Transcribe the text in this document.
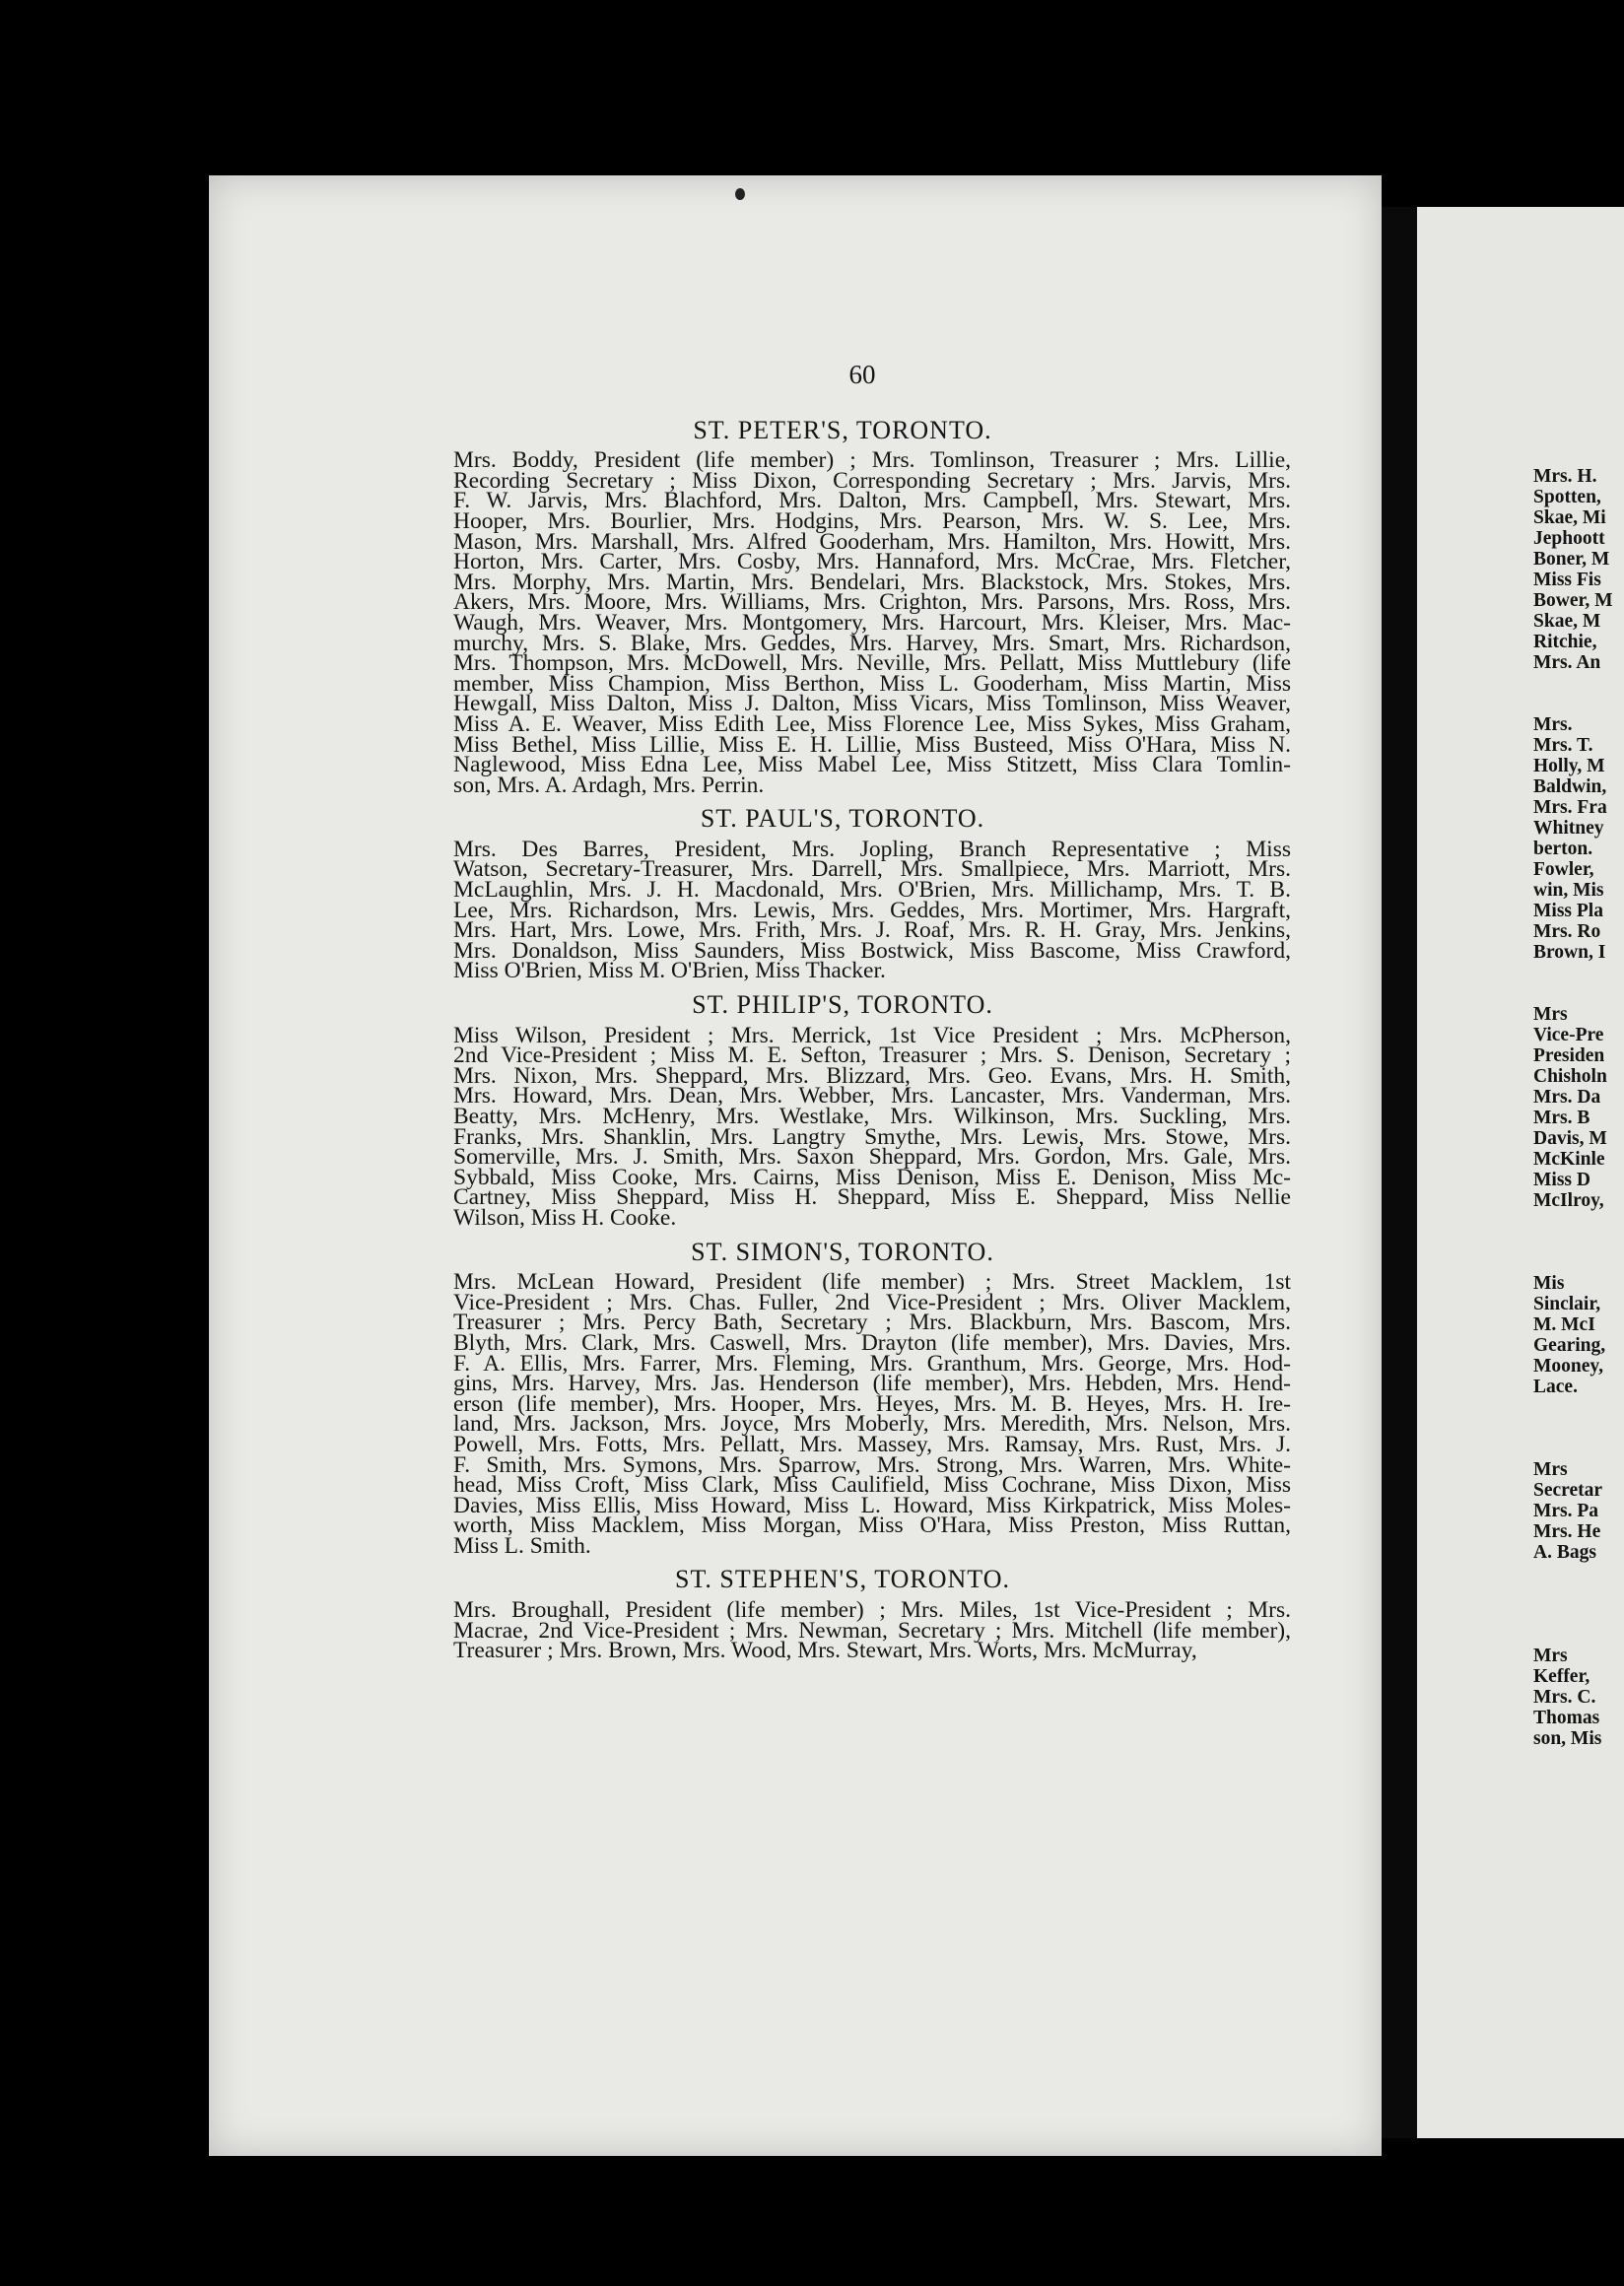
60
ST. PETER'S, TORONTO.
Mrs. Boddy, President (life member) ; Mrs. Tomlinson, Treasurer ; Mrs. Lillie,
Recording Secretary ; Miss Dixon, Corresponding Secretary ; Mrs. Jarvis, Mrs.
F. W. Jarvis, Mrs. Blachford, Mrs. Dalton, Mrs. Campbell, Mrs. Stewart, Mrs.
Hooper, Mrs. Bourlier, Mrs. Hodgins, Mrs. Pearson, Mrs. W. S. Lee, Mrs.
Mason, Mrs. Marshall, Mrs. Alfred Gooderham, Mrs. Hamilton, Mrs. Howitt, Mrs.
Horton, Mrs. Carter, Mrs. Cosby, Mrs. Hannaford, Mrs. McCrae, Mrs. Fletcher,
Mrs. Morphy, Mrs. Martin, Mrs. Bendelari, Mrs. Blackstock, Mrs. Stokes, Mrs.
Akers, Mrs. Moore, Mrs. Williams, Mrs. Crighton, Mrs. Parsons, Mrs. Ross, Mrs.
Waugh, Mrs. Weaver, Mrs. Montgomery, Mrs. Harcourt, Mrs. Kleiser, Mrs. Mac-
murchy, Mrs. S. Blake, Mrs. Geddes, Mrs. Harvey, Mrs. Smart, Mrs. Richardson,
Mrs. Thompson, Mrs. McDowell, Mrs. Neville, Mrs. Pellatt, Miss Muttlebury (life
member, Miss Champion, Miss Berthon, Miss L. Gooderham, Miss Martin, Miss
Hewgall, Miss Dalton, Miss J. Dalton, Miss Vicars, Miss Tomlinson, Miss Weaver,
Miss A. E. Weaver, Miss Edith Lee, Miss Florence Lee, Miss Sykes, Miss Graham,
Miss Bethel, Miss Lillie, Miss E. H. Lillie, Miss Busteed, Miss O'Hara, Miss N.
Naglewood, Miss Edna Lee, Miss Mabel Lee, Miss Stitzett, Miss Clara Tomlin-
son, Mrs. A. Ardagh, Mrs. Perrin.
ST. PAUL'S, TORONTO.
Mrs. Des Barres, President, Mrs. Jopling, Branch Representative ; Miss
Watson, Secretary-Treasurer, Mrs. Darrell, Mrs. Smallpiece, Mrs. Marriott, Mrs.
McLaughlin, Mrs. J. H. Macdonald, Mrs. O'Brien, Mrs. Millichamp, Mrs. T. B.
Lee, Mrs. Richardson, Mrs. Lewis, Mrs. Geddes, Mrs. Mortimer, Mrs. Hargraft,
Mrs. Hart, Mrs. Lowe, Mrs. Frith, Mrs. J. Roaf, Mrs. R. H. Gray, Mrs. Jenkins,
Mrs. Donaldson, Miss Saunders, Miss Bostwick, Miss Bascome, Miss Crawford,
Miss O'Brien, Miss M. O'Brien, Miss Thacker.
ST. PHILIP'S, TORONTO.
Miss Wilson, President ; Mrs. Merrick, 1st Vice President ; Mrs. McPherson,
2nd Vice-President ; Miss M. E. Sefton, Treasurer ; Mrs. S. Denison, Secretary ;
Mrs. Nixon, Mrs. Sheppard, Mrs. Blizzard, Mrs. Geo. Evans, Mrs. H. Smith,
Mrs. Howard, Mrs. Dean, Mrs. Webber, Mrs. Lancaster, Mrs. Vanderman, Mrs.
Beatty, Mrs. McHenry, Mrs. Westlake, Mrs. Wilkinson, Mrs. Suckling, Mrs.
Franks, Mrs. Shanklin, Mrs. Langtry Smythe, Mrs. Lewis, Mrs. Stowe, Mrs.
Somerville, Mrs. J. Smith, Mrs. Saxon Sheppard, Mrs. Gordon, Mrs. Gale, Mrs.
Sybbald, Miss Cooke, Mrs. Cairns, Miss Denison, Miss E. Denison, Miss Mc-
Cartney, Miss Sheppard, Miss H. Sheppard, Miss E. Sheppard, Miss Nellie
Wilson, Miss H. Cooke.
ST. SIMON'S, TORONTO.
Mrs. McLean Howard, President (life member) ; Mrs. Street Macklem, 1st
Vice-President ; Mrs. Chas. Fuller, 2nd Vice-President ; Mrs. Oliver Macklem,
Treasurer ; Mrs. Percy Bath, Secretary ; Mrs. Blackburn, Mrs. Bascom, Mrs.
Blyth, Mrs. Clark, Mrs. Caswell, Mrs. Drayton (life member), Mrs. Davies, Mrs.
F. A. Ellis, Mrs. Farrer, Mrs. Fleming, Mrs. Granthum, Mrs. George, Mrs. Hod-
gins, Mrs. Harvey, Mrs. Jas. Henderson (life member), Mrs. Hebden, Mrs. Hend-
erson (life member), Mrs. Hooper, Mrs. Heyes, Mrs. M. B. Heyes, Mrs. H. Ire-
land, Mrs. Jackson, Mrs. Joyce, Mrs Moberly, Mrs. Meredith, Mrs. Nelson, Mrs.
Powell, Mrs. Fotts, Mrs. Pellatt, Mrs. Massey, Mrs. Ramsay, Mrs. Rust, Mrs. J.
F. Smith, Mrs. Symons, Mrs. Sparrow, Mrs. Strong, Mrs. Warren, Mrs. White-
head, Miss Croft, Miss Clark, Miss Caulifield, Miss Cochrane, Miss Dixon, Miss
Davies, Miss Ellis, Miss Howard, Miss L. Howard, Miss Kirkpatrick, Miss Moles-
worth, Miss Macklem, Miss Morgan, Miss O'Hara, Miss Preston, Miss Ruttan,
Miss L. Smith.
ST. STEPHEN'S, TORONTO.
Mrs. Broughall, President (life member) ; Mrs. Miles, 1st Vice-President ; Mrs.
Macrae, 2nd Vice-President ; Mrs. Newman, Secretary ; Mrs. Mitchell (life member),
Treasurer ; Mrs. Brown, Mrs. Wood, Mrs. Stewart, Mrs. Worts, Mrs. McMurray,
Mrs. H.
Spotten,
Skae, Mi
Jephoott
Boner, M
Miss Fis
Bower, M
Skae, M
Ritchie,
Mrs. An

Mrs.
Mrs. T.
Holly, M
Baldwin,
Mrs. Fra
Whitney
berton.
Fowler,
win, Mis
Miss Pla
Mrs. Ro
Brown, I

Mrs
Vice-Pre
Presiden
Chisholn
Mrs. Da
Mrs. B
Davis, M
McKinle
Miss D
McIlroy,

Mis
Sinclair,
M. McI
Gearing,
Mooney,
Lace.

Mrs
Secretar
Mrs. Pa
Mrs. He
A. Bags

Mrs
Keffer,
Mrs. C.
Thomas
son, Mis
